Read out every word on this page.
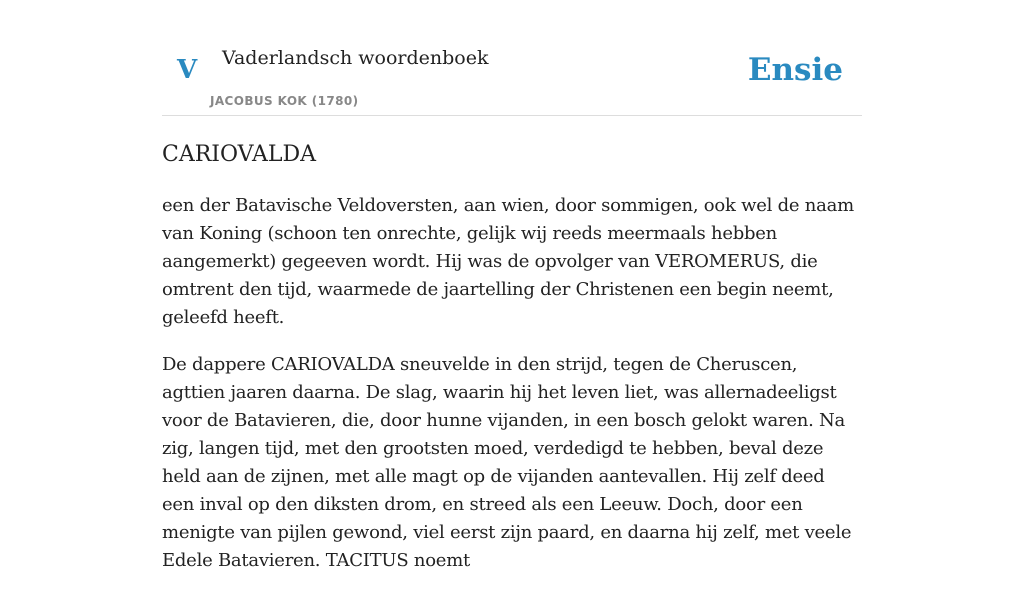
V Vaderlandsch woordenboek
JACOBUS KOK (1780)
Ensie
CARIOVALDA

een der Batavische Veldoversten, aan wien, door sommigen, ook wel de naam van Koning (schoon ten onrechte, gelijk wij reeds meermaals hebben aangemerkt) gegeeven wordt. Hij was de opvolger van VEROMERUS, die omtrent den tijd, waarmede de jaartelling der Christenen een begin neemt, geleefd heeft.

De dappere CARIOVALDA sneuvelde in den strijd, tegen de Cheruscen, agttien jaaren daarna. De slag, waarin hij het leven liet, was allernadeeligst voor de Batavieren, die, door hunne vijanden, in een bosch gelokt waren. Na zig, langen tijd, met den grootsten moed, verdedigd te hebben, beval deze held aan de zijnen, met alle magt op de vijanden aantevallen. Hij zelf deed een inval op den diksten drom, en streed als een Leeuw. Doch, door een menigte van pijlen gewond, viel eerst zijn paard, en daarna hij zelf, met veele Edele Batavieren. TACITUS noemt
